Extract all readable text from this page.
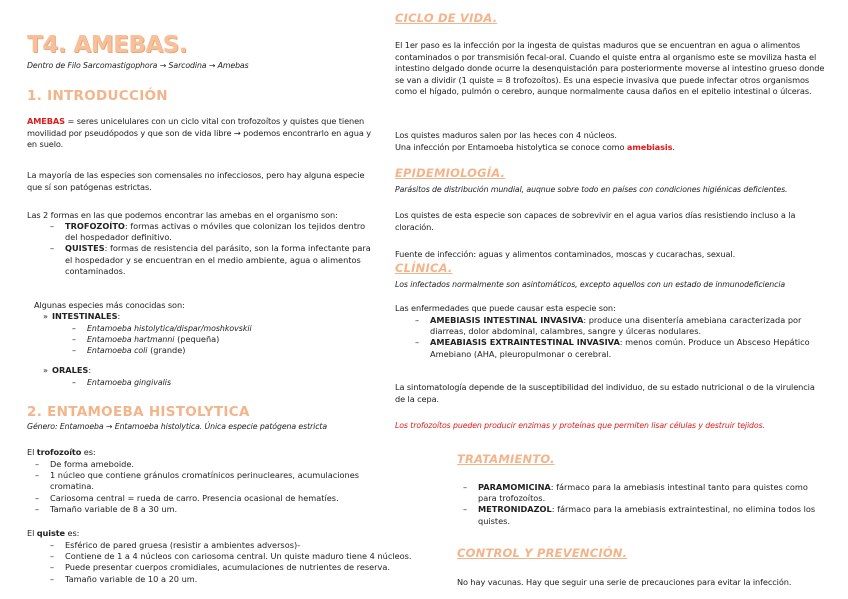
T4. AMEBAS.

Dentro de Filo Sarcomastigophora → Sarcodina → Amebas

1. INTRODUCCIÓN

AMEBAS = seres unicelulares con un ciclo vital con trofozoítos y quistes que tienen movilidad por pseudópodos y que son de vida libre → podemos encontrarlo en agua y en suelo.

La mayoría de las especies son comensales no infecciosos, pero hay alguna especie que sí son patógenas estrictas.

Las 2 formas en las que podemos encontrar las amebas en el organismo son:

– TROFOZOÍTO: formas activas o móviles que colonizan los tejidos dentro del hospedador definitivo.
– QUISTES: formas de resistencia del parásito, son la forma infectante para el hospedador y se encuentran en el medio ambiente, agua o alimentos contaminados.

Algunas especies más conocidas son:

» INTESTINALES:
– Entamoeba histolytica/dispar/moshkovskii
– Entamoeba hartmanni (pequeña)
– Entamoeba coli (grande)
» ORALES:
– Entamoeba gingivalis
2. ENTAMOEBA HISTOLYTICA

Género: Entamoeba → Entamoeba histolytica. Única especie patógena estricta

El trofozoíto es:

– De forma ameboide.
– 1 núcleo que contiene gránulos cromatínicos perinucleares, acumulaciones cromatina.
– Cariosoma central = rueda de carro. Presencia ocasional de hematíes.
– Tamaño variable de 8 a 30 um.

El quiste es:

– Esférico de pared gruesa (resistir a ambientes adversos)-
– Contiene de 1 a 4 núcleos con cariosoma central. Un quiste maduro tiene 4 núcleos.
– Puede presentar cuerpos cromidiales, acumulaciones de nutrientes de reserva.
– Tamaño variable de 10 a 20 um.
CICLO DE VIDA.

El 1er paso es la infección por la ingesta de quistas maduros que se encuentran en agua o alimentos contaminados o por transmisión fecal-oral. Cuando el quiste entra al organismo este se moviliza hasta el intestino delgado donde ocurre la desenquistación para posteriormente moverse al intestino grueso donde se van a dividir (1 quiste = 8 trofozoítos). Es una especie invasiva que puede infectar otros organismos como el hígado, pulmón o cerebro, aunque normalmente causa daños en el epitelio intestinal o úlceras.

Los quistes maduros salen por las heces con 4 núcleos.

Una infección por Entamoeba histolytica se conoce como amebiasis.

EPIDEMIOLOGÍA.

Parásitos de distribución mundial, auqnue sobre todo en países con condiciones higiénicas deficientes.

Los quistes de esta especie son capaces de sobrevivir en el agua varios días resistiendo incluso a la cloración.

Fuente de infección: aguas y alimentos contaminados, moscas y cucarachas, sexual.

CLÍNICA.

Los infectados normalmente son asintomáticos, excepto aquellos con un estado de inmunodeficiencia

Las enfermedades que puede causar esta especie son:

– AMEBIASIS INTESTINAL INVASIVA: produce una disentería amebiana caracterizada por diarreas, dolor abdominal, calambres, sangre y úlceras nodulares.
– AMEABIASIS EXTRAINTESTINAL INVASIVA: menos común. Produce un Absceso Hepático Amebiano (AHA, pleuropulmonar o cerebral.

La sintomatología depende de la susceptibilidad del individuo, de su estado nutricional o de la virulencia de la cepa.

Los trofozoítos pueden producir enzimas y proteínas que permiten lisar células y destruir tejidos.

TRATAMIENTO.
– PARAMOMICINA: fármaco para la amebiasis intestinal tanto para quistes como para trofozoítos.
– METRONIDAZOL: fármaco para la amebiasis extraintestinal, no elimina todos los quistes.
CONTROL Y PREVENCIÓN.

No hay vacunas. Hay que seguir una serie de precauciones para evitar la infección.
